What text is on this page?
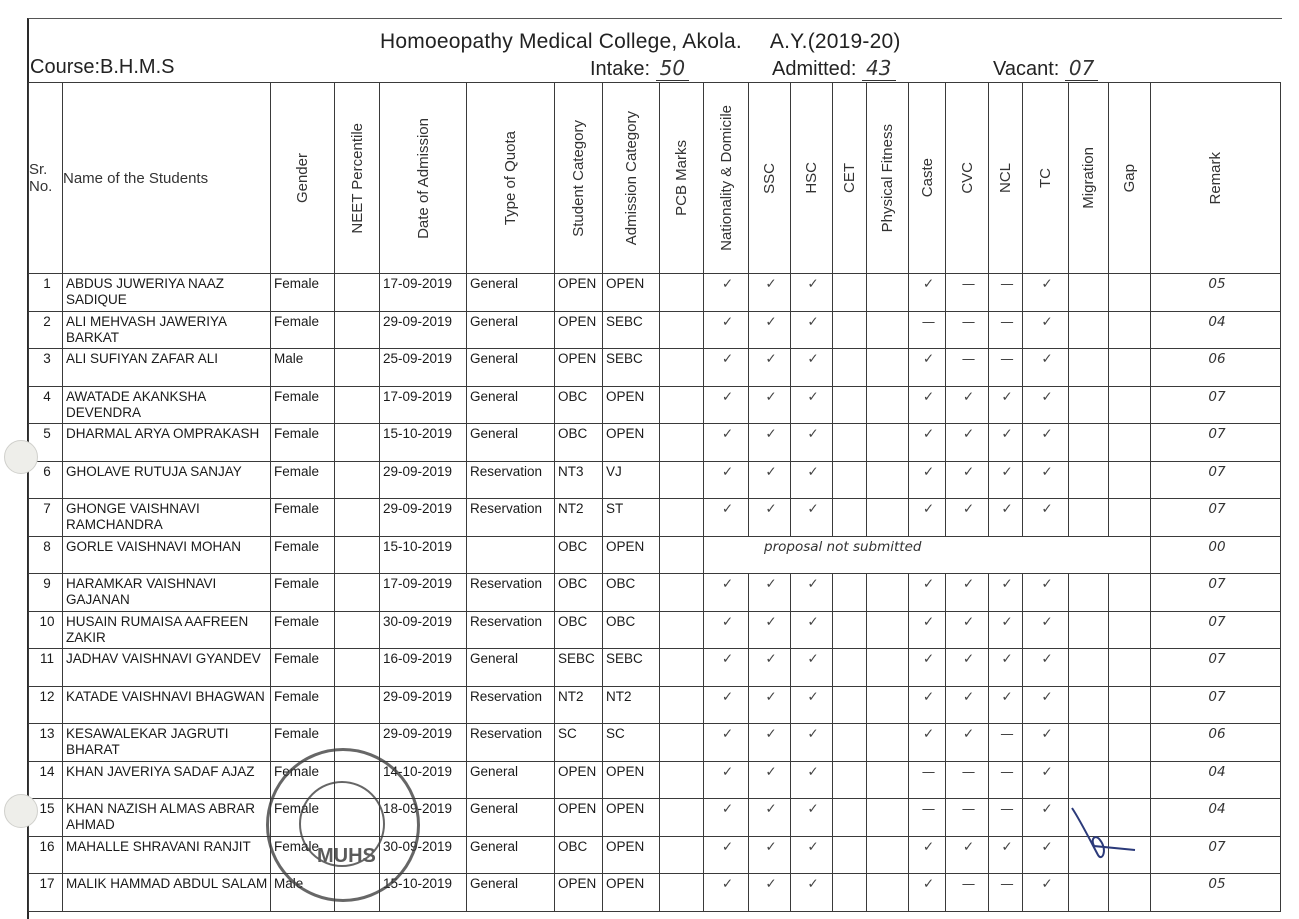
Homoeopathy Medical College, Akola. A.Y.(2019-20)
Course:B.H.M.S	Intake: 50	Admitted: 43	Vacant: 07
Sr. No.	Name of the Students	Gender	NEET Percentile	Date of Admission	Type of Quota	Student Category	Admission Category	PCB Marks	Nationality & Domicile	SSC	HSC	CET	Physical Fitness	Caste	CVC	NCL	TC	Migration	Gap	Remark

1	ABDUS JUWERIYA NAAZ SADIQUE	Female		17-09-2019	General	OPEN	OPEN		✓	✓	✓			✓	—	—	✓			05
2	ALI MEHVASH JAWERIYA BARKAT	Female		29-09-2019	General	OPEN	SEBC		✓	✓	✓			—	—	—	✓			04
3	ALI SUFIYAN ZAFAR ALI	Male		25-09-2019	General	OPEN	SEBC		✓	✓	✓			✓	—	—	✓			06
4	AWATADE AKANKSHA DEVENDRA	Female		17-09-2019	General	OBC	OPEN		✓	✓	✓			✓	✓	✓	✓			07
5	DHARMAL ARYA OMPRAKASH	Female		15-10-2019	General	OBC	OPEN		✓	✓	✓			✓	✓	✓	✓			07
6	GHOLAVE RUTUJA SANJAY	Female		29-09-2019	Reservation	NT3	VJ		✓	✓	✓			✓	✓	✓	✓			07
7	GHONGE VAISHNAVI RAMCHANDRA	Female		29-09-2019	Reservation	NT2	ST		✓	✓	✓			✓	✓	✓	✓			07
8	GORLE VAISHNAVI MOHAN	Female		15-10-2019		OBC	OPEN		proposal not submitted											00
9	HARAMKAR VAISHNAVI GAJANAN	Female		17-09-2019	Reservation	OBC	OBC		✓	✓	✓			✓	✓	✓	✓			07
10	HUSAIN RUMAISA AAFREEN ZAKIR	Female		30-09-2019	Reservation	OBC	OBC		✓	✓	✓			✓	✓	✓	✓			07
11	JADHAV VAISHNAVI GYANDEV	Female		16-09-2019	General	SEBC	SEBC		✓	✓	✓			✓	✓	✓	✓			07
12	KATADE VAISHNAVI BHAGWAN	Female		29-09-2019	Reservation	NT2	NT2		✓	✓	✓			✓	✓	✓	✓			07
13	KESAWALEKAR JAGRUTI BHARAT	Female		29-09-2019	Reservation	SC	SC		✓	✓	✓			✓	✓	—	✓			06
14	KHAN JAVERIYA SADAF AJAZ	Female		14-10-2019	General	OPEN	OPEN		✓	✓	✓			—	—	—	✓			04
15	KHAN NAZISH ALMAS ABRAR AHMAD	Female		18-09-2019	General	OPEN	OPEN		✓	✓	✓			—	—	—	✓			04
16	MAHALLE SHRAVANI RANJIT	Female		30-09-2019	General	OBC	OPEN		✓	✓	✓			✓	✓	✓	✓			07
17	MALIK HAMMAD ABDUL SALAM	Male		15-10-2019	General	OPEN	OPEN		✓	✓	✓			✓	—	—	✓			05
MUHS
